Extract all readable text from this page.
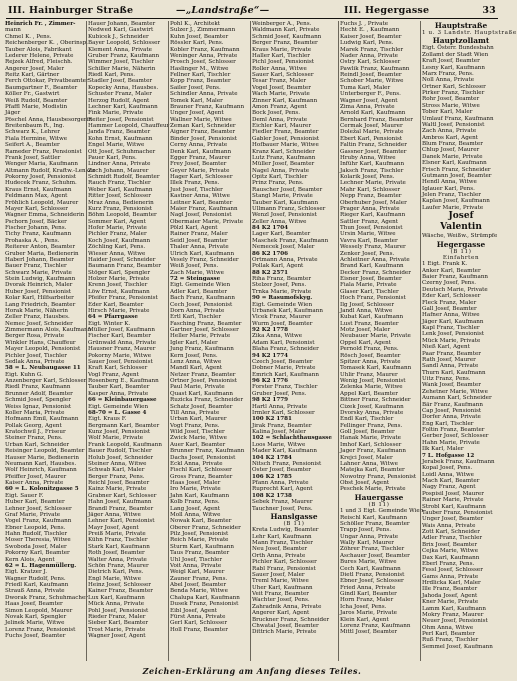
III. Hainburger Straße	—„Landstraße“—	III. Hegergasse	33
Heinrich Fr. , Zimmer-
mann
Chmel K. , Pens.
Reichenberger K. , Oberinsp.
Tauber Alois, Fabrikant
Lederer Helene, Private
Rejzek Alfred, Fleischh.
Angerer Josef, Maler
Reitz Karl, Gärtner
Ferch Ottokar, Privatbeamter
Baumgartner F., Beamter
Köller Fr., Gastwirt
Weiß Rudolf, Beamter
Pfaffl Marie, Modistin
Jäger
Pöschel Anna, Hausbesorgerin
Breitenbaum R., Ing.
Schwarz K., Lehrer
Fiala Hermine, Witwe
Seifert A., Beamter
Rameder Franz, Pensionist
Frank Josef, Sattler
Wenger Maria, Kaufmann
Altmann Rudolf, Kraftw.-Lenker
Pokorny Josef, Pensionist
Hudecek Franz, Schuhm.
Kraus Ernst, Kaufmann
Feldmann Max, Agent
Fröhlich Leopold, Maurer
Mayer Karl, Schlosser
Wagner Emma, Schneiderin
Pschorn Josef, Bäcker
Fischer Johann, Pens.
Tichy Franz, Kaufmann
Prohaska A. , Pens.
Reiterer Anton, Beamter
Gruber Maria, Bedienerin
Haberl Johann, Beamter
Bauer Franz, Tischler
Schwarz Marie, Private
Stein Ludwig, Kaufmann
Dvorak Heinrich, Maler
Huber Josef, Pensionist
Kolar Karl, Hilfsarbeiter
Lang Friedrich, Beamter
Horak Marie, Näherin
Zeller Franz, Hausbes.
Nemec Josef, Schneider
Zimmermann Alois, Kaufmann
Berger Rosa, Private
Winkler Hans, Chauffeur
Mayer Leopold, Pensionist
Pichler Josef, Tischler
Sedlak Anna, Private
58 = L. Neubaugasse 11
Eigt. Kuhn G.
Anzenberger Karl, Schlosser
Riedl Franz, Kaufmann
Brunner Adolf, Beamter
Schmid Josef, Spengler
Weiss Ignaz, Pensionist
Koller Maria, Private
Hofmann Emil, Kaufmann
Pollak Georg, Agent
Kratochwil J., Friseur
Steiner Franz, Pens.
Urban Karl, Schneider
Reisinger Leopold, Beamter
Hauser Marie, Bedienerin
Neumann Karl, Hausbes.
Wolf Heinrich, Kaufmann
Pfeiffer Josef, Maurer
Kaiser Anna, Private
60 = L. Kolonitzgasse 5
Eigt. Sauer F.
Huber Karl, Beamter
Lehner Josef, Schlosser
Graf Marie, Private
Vogel Franz, Kaufmann
Ebner Leopold, Pens.
Hahn Rudolf, Tischler
Moser Theresia, Witwe
Swoboda Josef, Maler
Pokorny Karl, Beamter
Kern Alois, Agent
62 = L. Hagenmüllerg.
Eigt. Kratzer J.
Wagner Rudolf, Pens.
Friedl Karl, Kaufmann
Strauß Anna, Private
Dworak Franz, Schuhmacher
Haas Josef, Beamter
Simon Leopold, Maurer
Novak Karl, Spengler
Jelinek Marie, Witwe
Lorenz Franz, Pensionist
Fuchs Josef, Beamter
Hauer Johann, Beamter
Nedwed Karl, Gastwirt
Kubicek J., Schneider
Bayer Leopold, Schlosser
Klement Anna, Private
Gruber Franz, Kaufmann
Wimmer Josef, Tischler
Schiller Marie, Näherin
Riedl Karl, Pens.
Stadler Josef, Beamter
Kopecky Anna, Hausbes.
Schuster Franz, Maler
Herzog Rudolf, Agent
Lechner Karl, Kaufmann
Fink Marie, Private
Reiter Josef, Pensionist
Hammer Leopold, Chauffeur
Janda Franz, Beamter
Kohn Ernst, Kaufmann
Engel Marie, Witwe
Ott Josef, Schuhmacher
Pauer Karl, Pens.
Lindner Anna, Private
Zach Johann, Maurer
Schmidt Rudolf, Beamter
Rauch Franz, Tischler
Weber Karl, Kaufmann
Ritter Josef, Schlosser
Mraz Anna, Bedienerin
Kurz Franz, Pensionist
Böhm Leopold, Beamter
Sommer Karl, Agent
Hofer Marie, Private
Pichler Franz, Maler
Koch Josef, Kaufmann
Zöchling Karl, Pens.
Wieser Anna, Witwe
Haider Josef, Schneider
Baumann Franz, Beamter
Stöger Karl, Spengler
Holzer Marie, Private
Krenn Josef, Tischler
Löw Ernst, Kaufmann
Pfeifer Franz, Pensionist
Eder Karl, Beamter
Hirsch Marie, Private
64 = Pfarrgasse
Eigt. Winter K.
Müller Josef, Kaufmann
Fischer Karl, Beamter
Grünwald Anna, Private
Hausner Franz, Maurer
Pokorny Marie, Witwe
Sauer Josef, Pensionist
Kraft Karl, Schlosser
Vogl Franz, Agent
Rosenberg E., Kaufmann
Tauber Karl, Beamter
Kasper Anna, Private
66 = Kleinbauergasse
Eigt. Gemeinde Wien
68-70 = L. Gasse 4
Eigt. Kraus F.
Bergmann Karl, Beamter
Kunz Josef, Pensionist
Wolf Marie, Private
Frank Leopold, Kaufmann
Bauer Rudolf, Tischler
Holub Josef, Schneider
Steiner Anna, Witwe
Schwab Karl, Maler
Berger Franz, Pens.
Reichl Josef, Beamter
Kainz Marie, Private
Grabner Karl, Schlosser
Hahn Josef, Kaufmann
Brandl Franz, Beamter
Jäger Anna, Witwe
Lehner Karl, Pensionist
Mayr Josef, Agent
Preiß Marie, Private
Kühn Franz, Tischler
Stark Karl, Kaufmann
Roth Josef, Beamter
Walter Anna, Private
Schön Franz, Maurer
Dietrich Karl, Pens.
Engl Marie, Witwe
Heinz Josef, Schlosser
Kainer Franz, Beamter
Lux Karl, Kaufmann
Mück Anna, Private
Pohl Josef, Pensionist
Rieder Franz, Maler
Sieber Karl, Beamter
Trost Marie, Private
Wagner Josef, Agent
Pohl K., Architekt
Sulzer J., Zimmermann
Kuhn Josef, Beamter
Rössler Karl, Pens.
Kobler Franz, Kaufmann
Weninger Anna, Private
Prosch Josef, Schlosser
Haslinger M., Witwe
Fellner Karl, Tischler
Kopp Franz, Beamter
Sailer Josef, Pens.
Schindler Anna, Private
Tomek Karl, Maler
Brauner Franz, Kaufmann
Unger Josef, Agent
Wallner Marie, Witwe
Zeman Karl, Schneider
Aigner Franz, Beamter
Binder Josef, Pensionist
Cerny Anna, Private
Denk Karl, Kaufmann
Egger Franz, Maurer
Frey Josef, Beamter
Geyer Marie, Private
Hager Karl, Schlosser
Illek Franz, Pens.
Just Josef, Tischler
Kastner Anna, Witwe
Leitner Karl, Beamter
Maier Franz, Kaufmann
Nagl Josef, Pensionist
Obermaier Marie, Private
Pölzl Karl, Agent
Rainer Franz, Maler
Seidl Josef, Beamter
Thaler Anna, Private
Ulrich Karl, Kaufmann
Vesely Franz, Schneider
Weiß Josef, Pens.
Zach Marie, Witwe
72 = Steingasse
Eigt. Gemeinde Wien
Adler Karl, Beamter
Bach Franz, Kaufmann
Cech Josef, Pensionist
Dorn Anna, Private
Ertl Karl, Tischler
Fasching Franz, Beamter
Gartner Josef, Schlosser
Heller Marie, Private
Igler Karl, Maler
Jung Franz, Kaufmann
Kern Josef, Pens.
Lenz Anna, Witwe
Mandl Karl, Agent
Netzer Franz, Beamter
Ortner Josef, Pensionist
Paul Marie, Private
Quast Karl, Kaufmann
Ruzicka Franz, Schneider
Schatz Josef, Beamter
Till Anna, Private
Urban Karl, Maurer
Vogt Franz, Pens.
Wild Josef, Tischler
Zwick Marie, Witwe
Auer Karl, Beamter
Brunner Franz, Kaufmann
Dachs Josef, Pensionist
Eckl Anna, Private
Fischl Karl, Schlosser
Gross Franz, Beamter
Haas Josef, Maler
Iro Marie, Private
Jahn Karl, Kaufmann
Kolb Franz, Pens.
Lang Josef, Agent
Moll Anna, Witwe
Nowak Karl, Beamter
Oberer Franz, Schneider
Pilz Josef, Pensionist
Reich Marie, Private
Sturm Karl, Kaufmann
Taus Franz, Beamter
Uhl Josef, Tischler
Voit Anna, Private
Weigl Karl, Maurer
Zauner Franz, Pens.
Abel Josef, Beamter
Benda Marie, Witwe
Chalupa Karl, Kaufmann
Dusek Franz, Pensionist
Eibl Josef, Agent
Fürst Anna, Private
Gerl Karl, Schlosser
Holl Franz, Beamter
Weinberger A., Pens.
Waldmann Karl, Private
Schmid Josef, Kaufmann
Berger Franz, Beamter
Kraus Marie, Private
Haller Karl, Tischler
Pichl Josef, Pensionist
Roller Anna, Witwe
Sauer Karl, Schlosser
Tesar Franz, Maler
Vogel Josef, Beamter
Wach Marie, Private
Zinner Karl, Kaufmann
Amon Franz, Agent
Bock Josef, Pens.
Deml Anna, Private
Eichler Karl, Maurer
Fiedler Franz, Beamter
Gabler Josef, Pensionist
Hofbauer Marie, Witwe
Kranz Karl, Schneider
Lutz Franz, Kaufmann
Müller Josef, Beamter
Nagel Anna, Private
Opitz Karl, Tischler
Prinz Franz, Pens.
Rauscher Josef, Beamter
Stangl Marie, Private
Tauber Karl, Kaufmann
Ullmann Franz, Schlosser
Wenzl Josef, Pensionist
Zeller Anna, Witwe
84 K2 1704
Lager Karl, Beamter
Maschek Franz, Kaufmann
Nemecek Josef, Maler
86 K2 1706
Ortmann Anna, Private
Pollak Karl, Agent
88 K2 2571
Riha Franz, Beamter
Stelzer Josef, Pens.
Trnka Marie, Private
90 = Rasumofskyg.
Eigt. Gemeinde Wien
Urbanek Karl, Kaufmann
Vlcek Franz, Maurer
Wurm Josef, Beamter
92 K2 1778
Zika Anna, Witwe
Adam Karl, Pensionist
Blaha Franz, Schneider
94 K2 1774
Czech Josef, Beamter
Dobner Marie, Private
Emrich Karl, Kaufmann
96 K2 1776
Forster Franz, Tischler
Gruber Josef, Pens.
98 K2 1779
Hartl Anna, Private
Irmler Karl, Schlosser
100 K2 1781
Jirak Franz, Beamter
Kalina Josef, Maler
102 = Schlachthausgasse
Loos Marie, Witwe
Mader Karl, Kaufmann
104 K2 1784
Nitsch Franz, Pensionist
Oster Josef, Beamter
106 K2 1785
Pfann Anna, Private
Ruprecht Karl, Agent
108 K2 1738
Sebek Franz, Maurer
Tauchner Josef, Pens.
Hanslgasse
(B 11)
Kreta Ludwig, Beamter
Lehr Karl, Kaufmann
Mann Franz, Tischler
Neu Josef, Beamter
Orth Anna, Private
Pichler Karl, Schlosser
Rabl Franz, Pensionist
Sauer Josef, Maler
Treml Marie, Witwe
Uher Karl, Kaufmann
Veit Franz, Beamter
Wachter Josef, Pens.
Zahradnik Anna, Private
Angerer Karl, Agent
Bruckner Franz, Schneider
Chwatal Josef, Beamter
Dittrich Marie, Private
Fuchs J. , Private
Hecht E. , Kaufmann
Kaiser Josef, Beamter
Ludwig Karl, Pens.
Marek Franz, Tischler
Nader Anna, Private
Ostry Karl, Schlosser
Pawlik Franz, Kaufmann
Reindl Josef, Beamter
Schober Marie, Witwe
Tuma Karl, Maler
Unterberger F., Pens.
Wagner Josef, Agent
Zima Anna, Private
Arnold Karl, Kaufmann
Bernhard Franz, Beamter
Cermak Josef, Maurer
Doležal Marie, Private
Ebert Karl, Pensionist
Faltin Franz, Schneider
Gassner Josef, Beamter
Hruby Anna, Witwe
Inführ Karl, Kaufmann
Jaksch Franz, Tischler
Kolarik Josef, Pens.
Lechner Marie, Private
Mahr Karl, Schlosser
Nepp Franz, Beamter
Oberhuber Josef, Maler
Prager Anna, Private
Rieger Karl, Kaufmann
Sattler Franz, Agent
Thun Josef, Pensionist
Ursin Marie, Witwe
Vavra Karl, Beamter
Wessely Franz, Maurer
Zenker Josef, Pens.
Achleitner Anna, Private
Brand Karl, Kaufmann
Decker Franz, Schneider
Eisner Josef, Beamter
Fiala Marie, Private
Glaser Karl, Tischler
Hoch Franz, Pensionist
Ilg Josef, Schlosser
Jandl Anna, Witwe
Kubat Karl, Kaufmann
Lust Franz, Beamter
Motz Josef, Maler
Neubauer Marie, Private
Oppel Karl, Agent
Pernold Franz, Pens.
Rösch Josef, Beamter
Spitzer Anna, Private
Tomasek Karl, Kaufmann
Uhlir Franz, Maurer
Wenig Josef, Pensionist
Zelenka Marie, Witwe
Appel Karl, Beamter
Bittner Franz, Schneider
Cizek Josef, Kaufmann
Dvorsky Anna, Private
Endl Karl, Tischler
Fellinger Franz, Pens.
Goll Josef, Beamter
Hanak Marie, Private
Imhof Karl, Schlosser
Jager Franz, Kaufmann
Krejci Josef, Maler
Lahner Anna, Witwe
Matejka Karl, Beamter
Nowotny Franz, Pensionist
Obst Josef, Agent
Peschek Marie, Private
Hauergasse
(B 11)
1 und 3 Eigt. Gemeinde Wien
Reischl Karl, Kaufmann
Schöller Franz, Beamter
Trapp Josef, Pens.
Ungar Anna, Private
Wally Karl, Maurer
Zöhrer Franz, Tischler
Aschauer Josef, Beamter
Bures Marie, Witwe
Cech Karl, Kaufmann
Dietl Franz, Pensionist
Ebner Josef, Schlosser
Fried Anna, Private
Gindl Karl, Beamter
Horn Franz, Maler
Icha Josef, Pens.
Jaros Marie, Private
Klein Karl, Agent
Lorenz Franz, Kaufmann
Mittl Josef, Beamter
Hauptstraße
1 u. 3 Landstr. Hauptstraße
Hauptzollamt
Eigt. Österr. Bundesbahn
Zollamt der Stadt Wien
Kraft Josef, Beamter
Lesny Karl, Kaufmann
Marx Franz, Pens.
Noll Anna, Private
Ortner Karl, Schlosser
Pirker Franz, Tischler
Rohr Josef, Beamter
Stross Marie, Witwe
Tober Karl, Maler
Umlauf Franz, Kaufmann
Waltl Josef, Pensionist
Zach Anna, Private
Ambros Karl, Agent
Blum Franz, Beamter
Chlup Josef, Maurer
Danek Marie, Private
Elsner Karl, Kaufmann
Frisch Franz, Schneider
Gutmann Josef, Beamter
Hendl Anna, Witwe
Iglauer Karl, Pens.
Jelen Franz, Tischler
Kaplan Josef, Kaufmann
Laufer Marie, Private
Josef
Valentin
Wäsche, Weißw., Strümpfe
Hegergasse
(B 11)
Einfahrten
1 Eigt. Frank K.
Anker Karl, Beamter
Baier Franz, Kaufmann
Czerny Josef, Pens.
Deutsch Marie, Private
Eder Karl, Schlosser
Fleck Franz, Maler
Gall Josef, Beamter
Hafner Anna, Witwe
Jäger Karl, Kaufmann
Kapl Franz, Tischler
Lenk Josef, Pensionist
Mück Marie, Private
Nieß Karl, Agent
Paar Franz, Beamter
Rath Josef, Maurer
Sandl Anna, Private
Thurn Karl, Kaufmann
Uitz Franz, Pens.
Wank Josef, Beamter
Zehetner Marie, Witwe
Aumann Karl, Schneider
Bär Franz, Kaufmann
Cap Josef, Pensionist
Dorfer Anna, Private
Eng Karl, Tischler
Foltin Franz, Beamter
Gerber Josef, Schlosser
Hahn Marie, Private
Ilk Karl, Maler
7 L. Hofgasse 12
Jerabek Franz, Kaufmann
Kopal Josef, Pens.
Loidl Anna, Witwe
Mach Karl, Beamter
Nagy Franz, Agent
Pospisil Josef, Maurer
Rainer Marie, Private
Strobl Karl, Kaufmann
Tauber Franz, Pensionist
Unger Josef, Beamter
Wais Anna, Private
Zott Karl, Schneider
Adler Franz, Tischler
Brix Josef, Beamter
Cejka Marie, Witwe
Dax Karl, Kaufmann
Eberl Franz, Pens.
Fessl Josef, Schlosser
Gams Anna, Private
Hrdlicka Karl, Maler
Ille Franz, Beamter
Jahoda Josef, Agent
Kner Marie, Private
Lamm Karl, Kaufmann
Mokry Franz, Maurer
Neuer Josef, Pensionist
Ohm Anna, Witwe
Perl Karl, Beamter
Ruß Franz, Tischler
Semmel Josef, Kaufmann
Zeichen-Erklärung am Anfang dieses Teiles.
